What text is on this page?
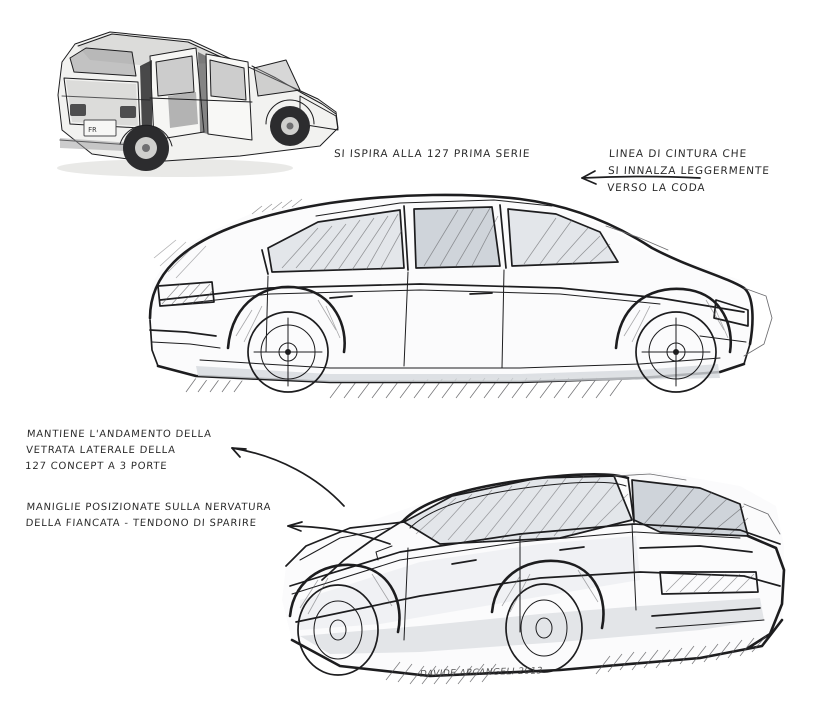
FR
SI ISPIRA ALLA 127 PRIMA SERIE	LINEA DI CINTURA CHE
SI INNALZA LEGGERMENTE
VERSO LA CODA
MANTIENE L'ANDAMENTO DELLA
VETRATA LATERALE DELLA
127 CONCEPT A 3 PORTE
MANIGLIE POSIZIONATE SULLA NERVATURA
DELLA FIANCATA - TENDONO DI SPARIRE
DAVIDE ARCANGELI 2013
